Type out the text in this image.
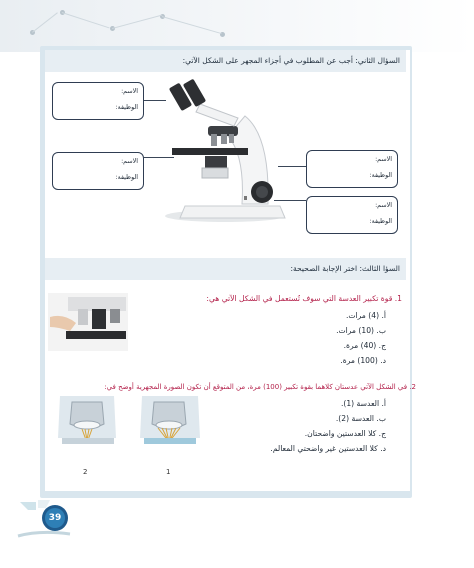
السؤال الثاني: أجب عن المطلوب في أجزاء المجهر على الشكل الآتي:
الاسم:
الوظيفة:
الاسم:
الوظيفة:
الاسم:
الوظيفة:
الاسم:
الوظيفة:
السؤا الثالث: اختر الإجابة الصحيحة:
1. قوة تكبير العدسة التي سوف تُستعمل في الشكل الآتي هي:
أ. (4) مرات.
ب. (10) مرات.
ج. (40) مرة.
د. (100) مرة.
2. في الشكل الآتي عدستان كلاهما بقوة تكبير (100) مرة، من المتوقع أن تكون الصورة المجهرية أوضح في:
أ. العدسة (1).
ب. العدسة (2).
ج. كلا العدستين واضحتان.
د. كلا العدستين غير واضحتي المعالم.
2	1
39
